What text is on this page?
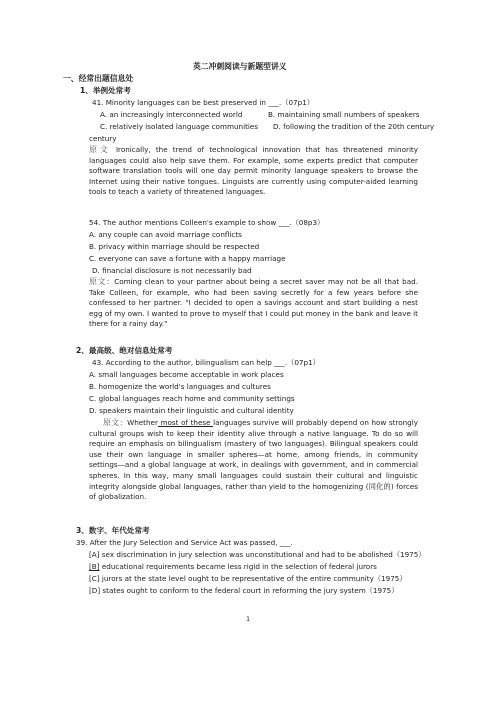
英二冲刺阅读与新题型讲义
一、经常出题信息处
1、举例处常考
41. Minority languages can be best preserved in ___.（07p1）
A. an increasingly interconnected world	B. maintaining small numbers of speakers
C. relatively isolated language communities D. following the tradition of the 20th century
century
原文 Ironically, the trend of technological innovation that has threatened minority languages could also help save them. For example, some experts predict that computer software translation tools will one day permit minority language speakers to browse the Internet using their native tongues. Linguists are currently using computer-aided learning tools to teach a variety of threatened languages.
54. The author mentions Colleen's example to show ___.（08p3）
A. any couple can avoid marriage conflicts
B. privacy within marriage should be respected
C. everyone can save a fortune with a happy marriage
D. financial disclosure is not necessarily bad
原文：Coming clean to your partner about being a secret saver may not be all that bad. Take Colleen, for example, who had been saving secretly for a few years before she confessed to her partner. "I decided to open a savings account and start building a nest egg of my own. I wanted to prove to myself that I could put money in the bank and leave it there for a rainy day."
2、最高级、绝对信息处常考
43. According to the author, bilingualism can help ___.（07p1）
A. small languages become acceptable in work places
B. homogenize the world's languages and cultures
C. global languages reach home and community settings
D. speakers maintain their linguistic and cultural identity
原文：Whether most of these languages survive will probably depend on how strongly cultural groups wish to keep their identity alive through a native language. To do so will require an emphasis on bilingualism (mastery of two languages). Bilingual speakers could use their own language in smaller spheres—at home, among friends, in community settings—and a global language at work, in dealings with government, and in commercial spheres. In this way, many small languages could sustain their cultural and linguistic integrity alongside global languages, rather than yield to the homogenizing (同化的) forces of globalization.
3、数字、年代处常考
39. After the Jury Selection and Service Act was passed, ___.
[A] sex discrimination in jury selection was unconstitutional and had to be abolished（1975）
[B] educational requirements became less rigid in the selection of federal jurors
[C] jurors at the state level ought to be representative of the entire community（1975）
[D] states ought to conform to the federal court in reforming the jury system（1975）
1
